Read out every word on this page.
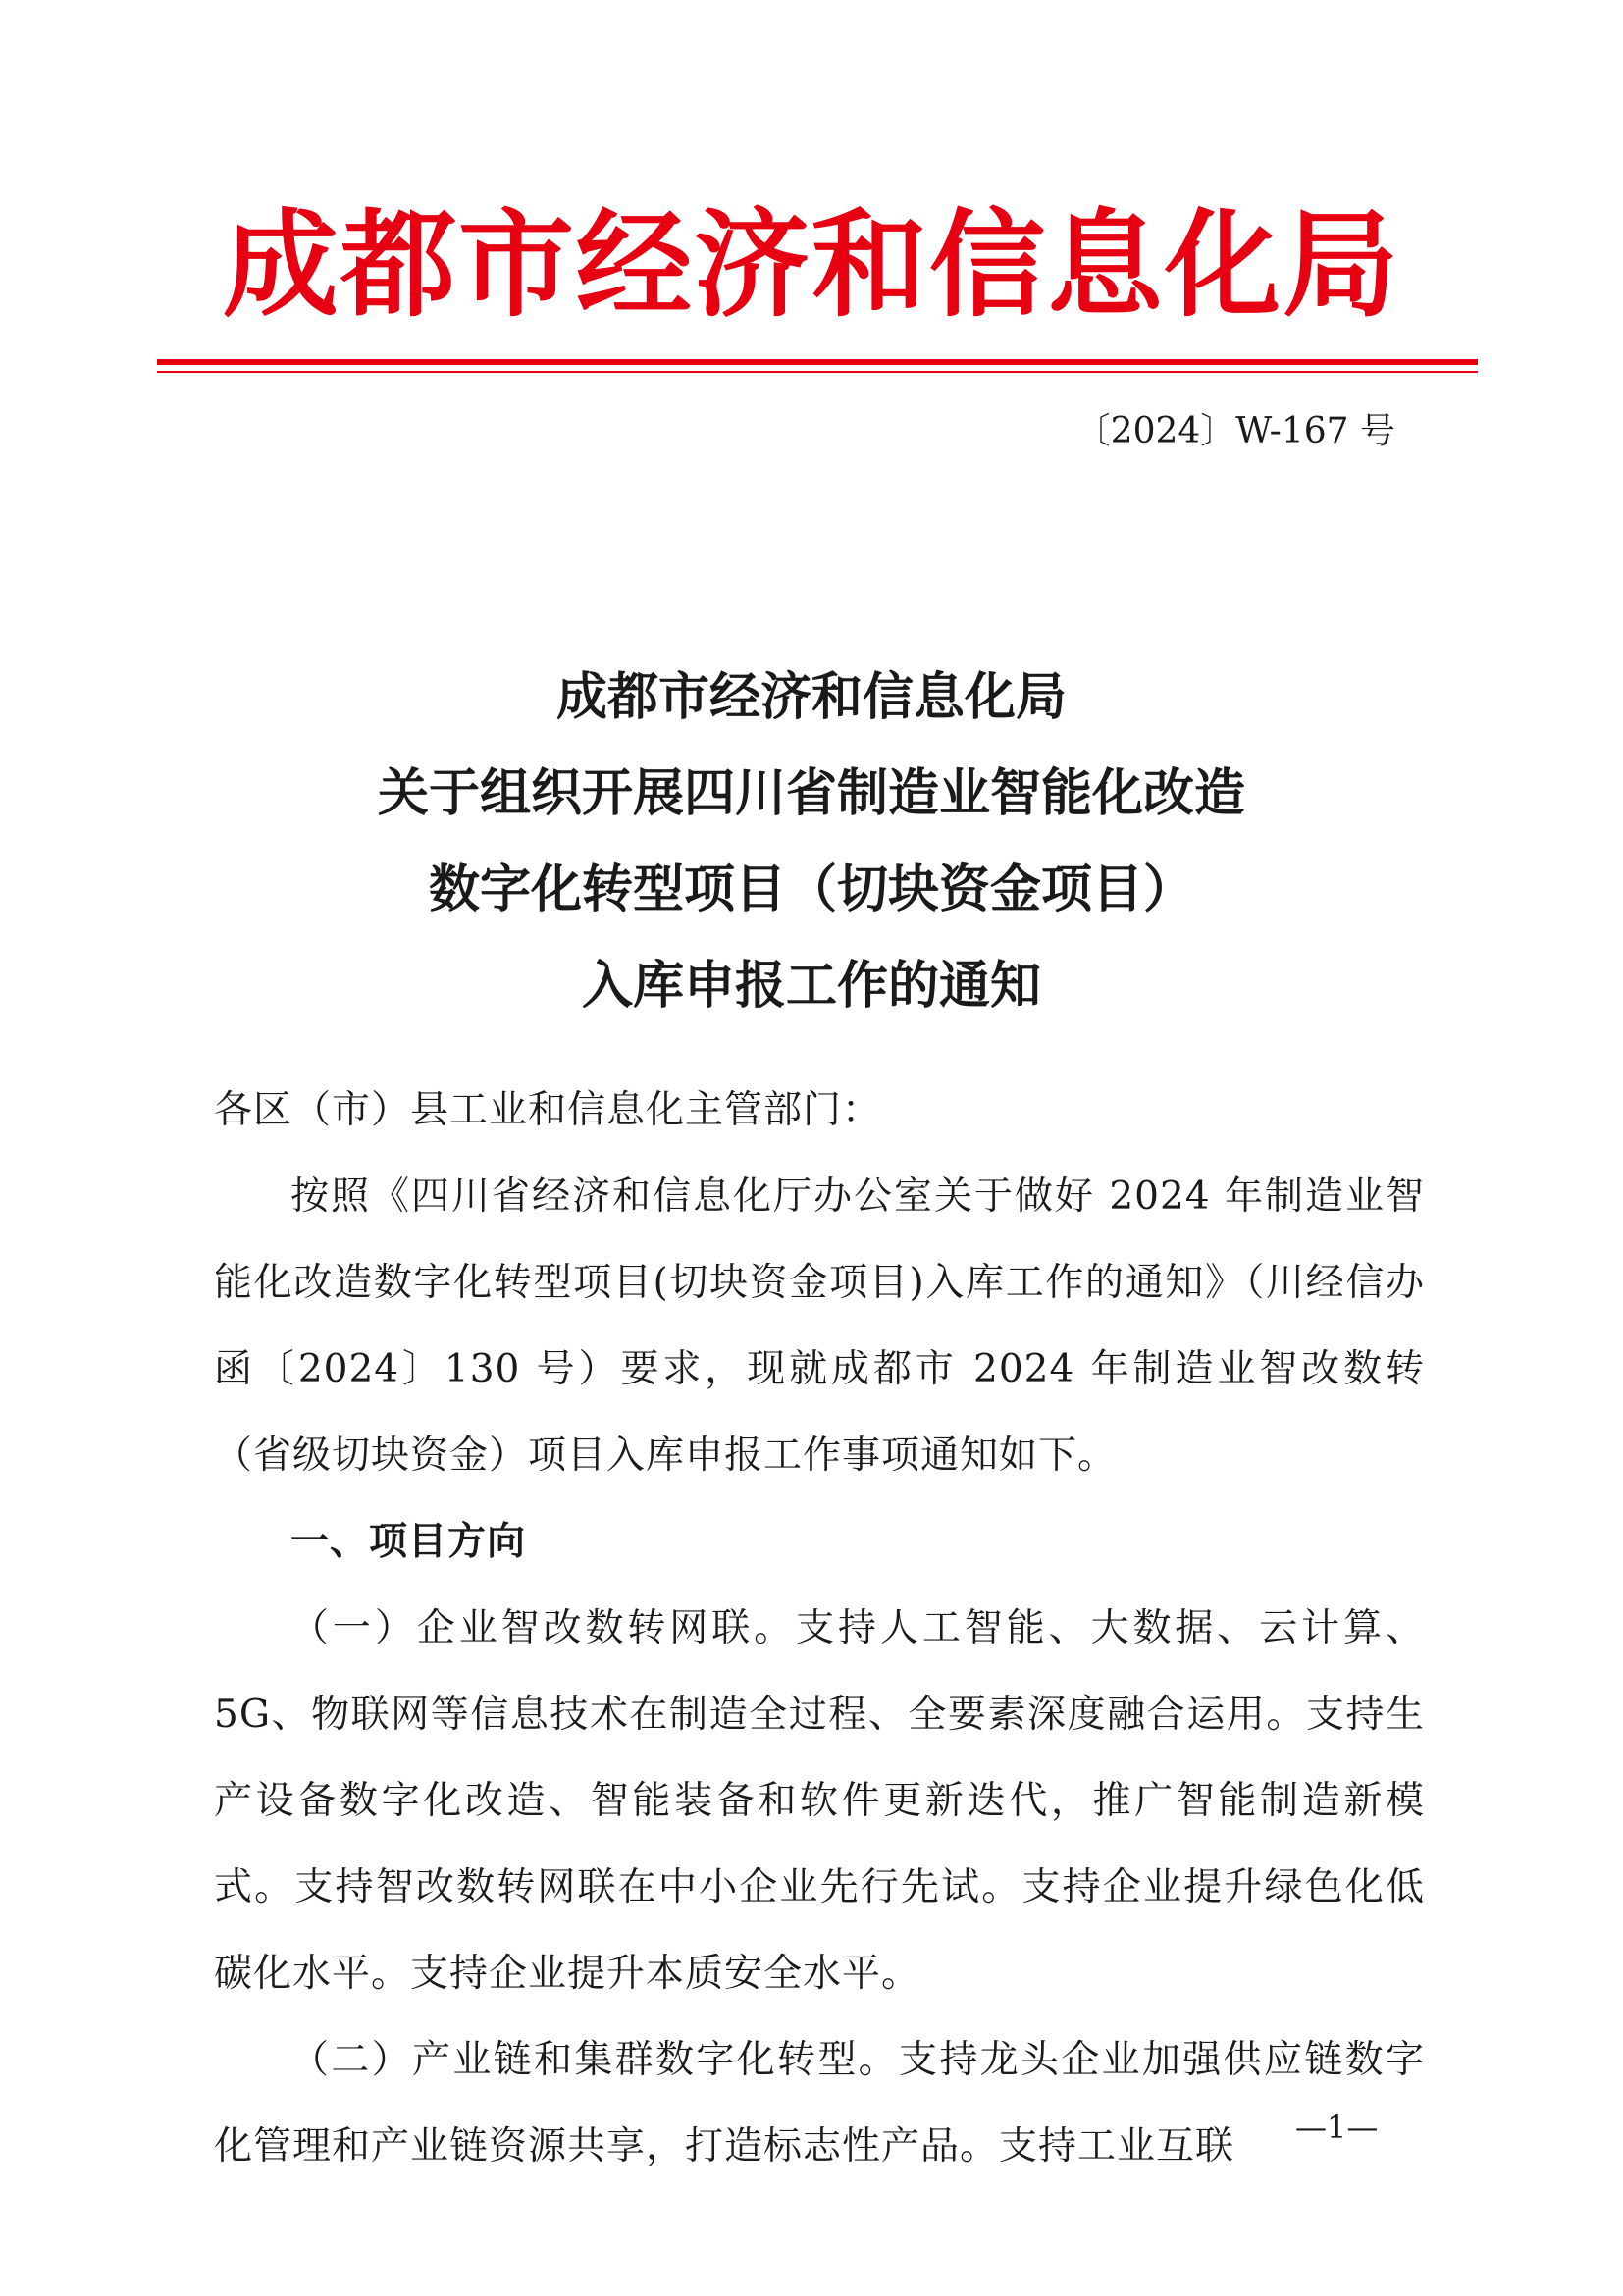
成都市经济和信息化局
〔2024〕W-167 号
成都市经济和信息化局
关于组织开展四川省制造业智能化改造
数字化转型项目（切块资金项目）
入库申报工作的通知

各区（市）县工业和信息化主管部门：

按照《四川省经济和信息化厅办公室关于做好 2024 年制造业智能化改造数字化转型项目(切块资金项目)入库工作的通知》（川经信办函〔2024〕130 号）要求，现就成都市 2024 年制造业智改数转（省级切块资金）项目入库申报工作事项通知如下。

一、项目方向

（一）企业智改数转网联。支持人工智能、大数据、云计算、5G、物联网等信息技术在制造全过程、全要素深度融合运用。支持生产设备数字化改造、智能装备和软件更新迭代，推广智能制造新模式。支持智改数转网联在中小企业先行先试。支持企业提升绿色化低碳化水平。支持企业提升本质安全水平。

（二）产业链和集群数字化转型。支持龙头企业加强供应链数字化管理和产业链资源共享，打造标志性产品。支持工业互联	—1—
